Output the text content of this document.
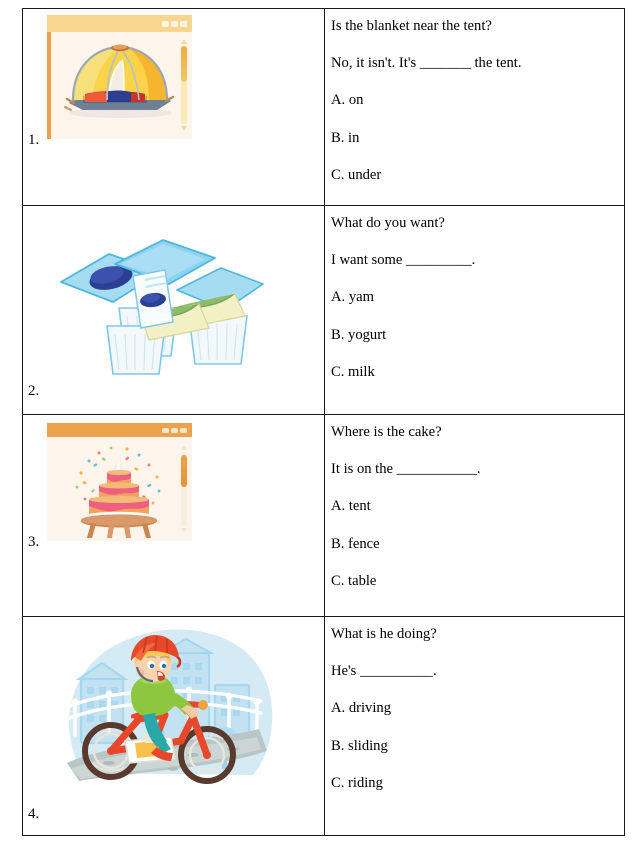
1.	Is the blanket near the tent?

No, it isn't. It's _______ the tent.

A. on

B. in

C. under

2.	What do you want?

I want some _________.

A. yam

B. yogurt

C. milk

3.	Where is the cake?

It is on the ___________.

A. tent

B. fence

C. table

4.	What is he doing?

He's __________.

A. driving

B. sliding

C. riding
